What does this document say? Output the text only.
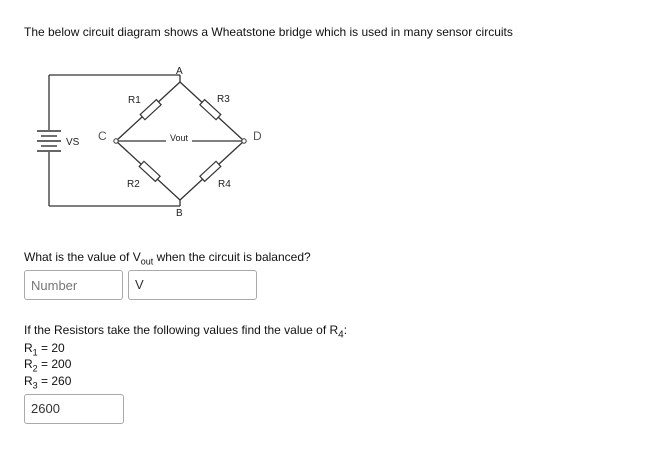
The below circuit diagram shows a Wheatstone bridge which is used in many sensor circuits
A
B
C	D
R1	R3
R2	R4
VS	Vout
What is the value of $V_{out}$ when the circuit is balanced?
Number
V
If the Resistors take the following values find the value of $R_4$:
$R_1 = 20$
$R_2 = 200$
$R_3 = 260$
2600
